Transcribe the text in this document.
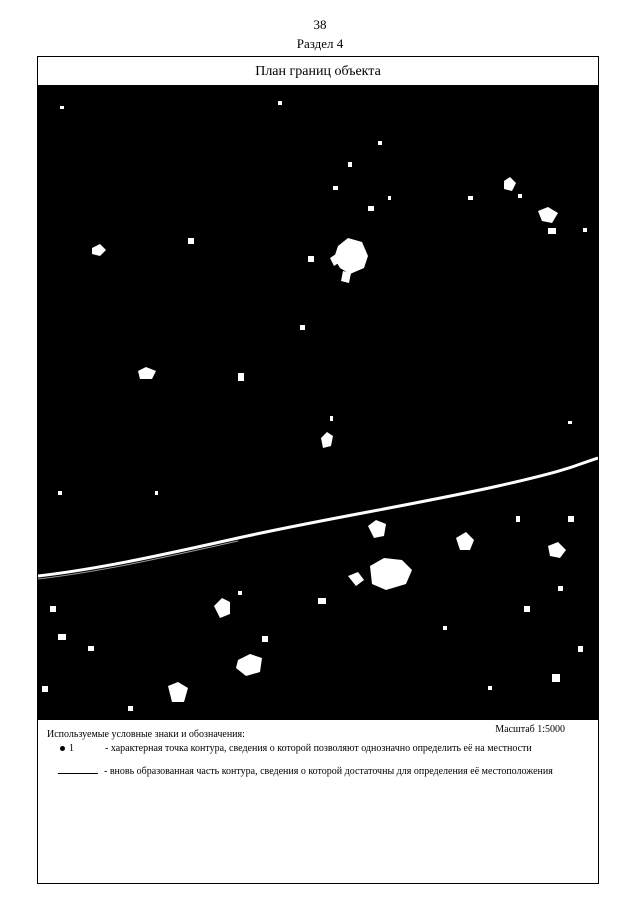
38
Раздел 4
План границ объекта
Используемые условные знаки и обозначения:	Масштаб 1:5000
1	- характерная точка контура, сведения о которой позволяют однозначно определить её на местности
- вновь образованная часть контура, сведения о которой достаточны для определения её местоположения
